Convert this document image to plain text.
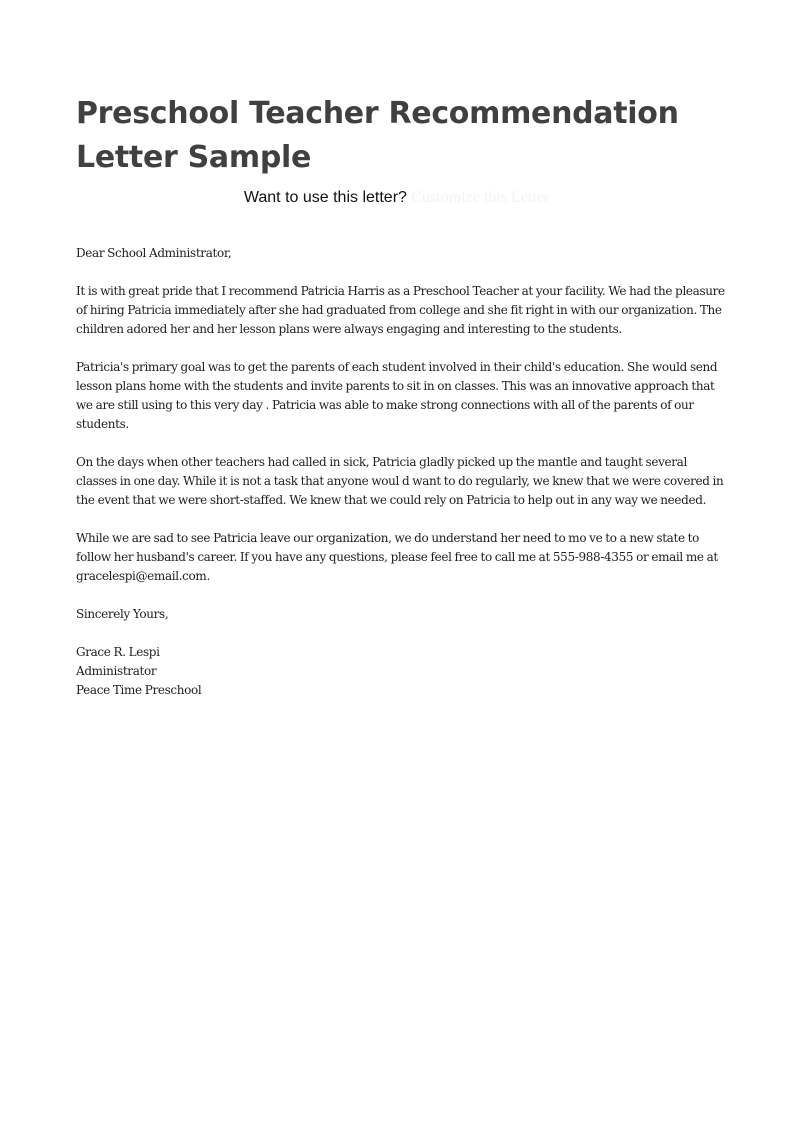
Preschool Teacher Recommendation Letter Sample
Want to use this letter? Customize this Letter

Dear School Administrator,

It is with great pride that I recommend Patricia Harris as a Preschool Teacher at your facility. We had the pleasure of hiring Patricia immediately after she had graduated from college and she fit right in with our organization. The children adored her and her lesson plans were always engaging and interesting to the students.

Patricia's primary goal was to get the parents of each student involved in their child's education. She would send lesson plans home with the students and invite parents to sit in on classes. This was an innovative approach that we are still using to this very day . Patricia was able to make strong connections with all of the parents of our students.

On the days when other teachers had called in sick, Patricia gladly picked up the mantle and taught several classes in one day. While it is not a task that anyone woul d want to do regularly, we knew that we were covered in the event that we were short-staffed. We knew that we could rely on Patricia to help out in any way we needed.

While we are sad to see Patricia leave our organization, we do understand her need to mo ve to a new state to follow her husband's career. If you have any questions, please feel free to call me at 555-988-4355 or email me at gracelespi@email.com.

Sincerely Yours,

Grace R. Lespi
Administrator
Peace Time Preschool
